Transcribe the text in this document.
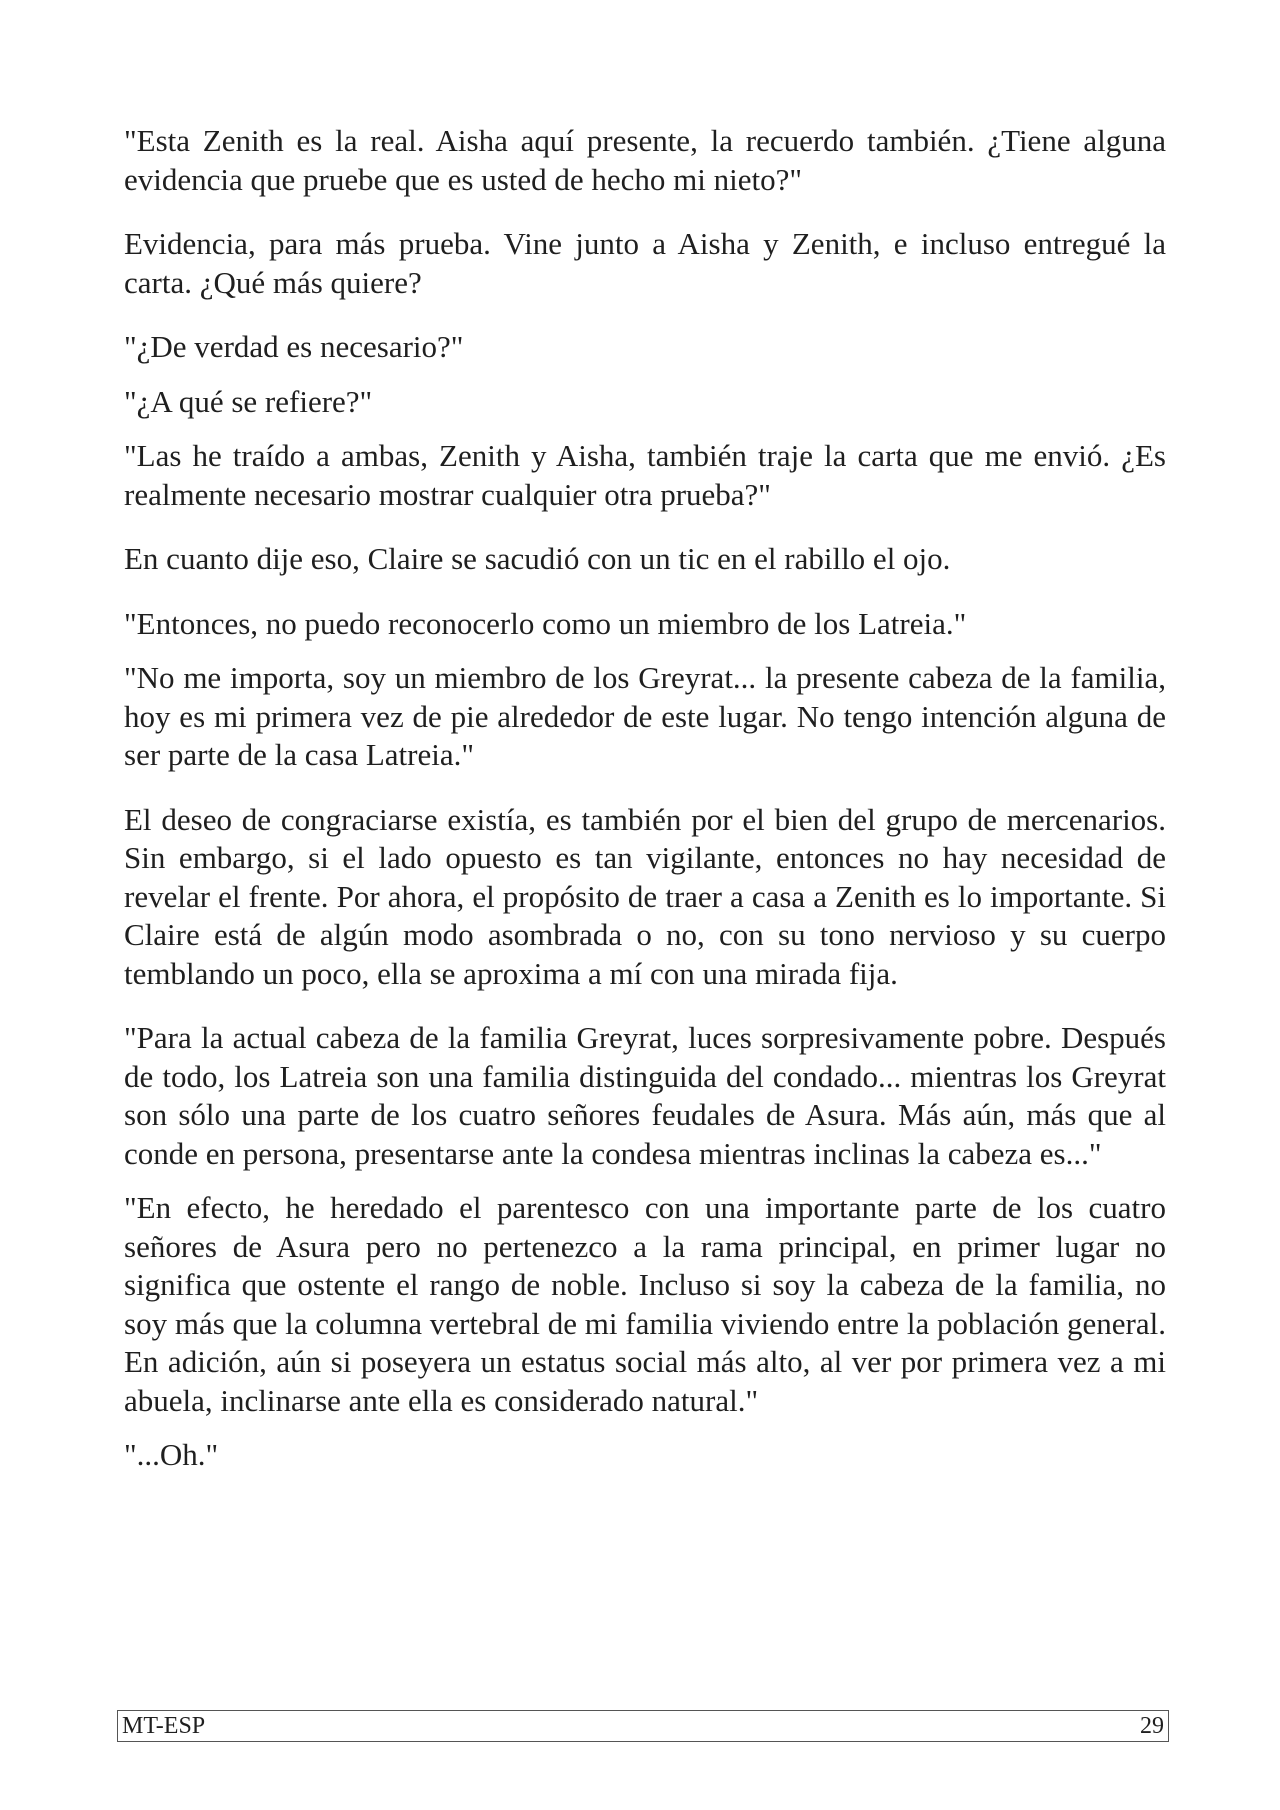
"Esta Zenith es la real. Aisha aquí presente, la recuerdo también. ¿Tiene alguna evidencia que pruebe que es usted de hecho mi nieto?"

Evidencia, para más prueba. Vine junto a Aisha y Zenith, e incluso entregué la carta. ¿Qué más quiere?

"¿De verdad es necesario?"

"¿A qué se refiere?"

"Las he traído a ambas, Zenith y Aisha, también traje la carta que me envió. ¿Es realmente necesario mostrar cualquier otra prueba?"

En cuanto dije eso, Claire se sacudió con un tic en el rabillo el ojo.

"Entonces, no puedo reconocerlo como un miembro de los Latreia."

"No me importa, soy un miembro de los Greyrat... la presente cabeza de la familia, hoy es mi primera vez de pie alrededor de este lugar. No tengo intención alguna de ser parte de la casa Latreia."

El deseo de congraciarse existía, es también por el bien del grupo de mercenarios. Sin embargo, si el lado opuesto es tan vigilante, entonces no hay necesidad de revelar el frente. Por ahora, el propósito de traer a casa a Zenith es lo importante. Si Claire está de algún modo asombrada o no, con su tono nervioso y su cuerpo temblando un poco, ella se aproxima a mí con una mirada fija.

"Para la actual cabeza de la familia Greyrat, luces sorpresivamente pobre. Después de todo, los Latreia son una familia distinguida del condado... mientras los Greyrat son sólo una parte de los cuatro señores feudales de Asura. Más aún, más que al conde en persona, presentarse ante la condesa mientras inclinas la cabeza es..."

"En efecto, he heredado el parentesco con una importante parte de los cuatro señores de Asura pero no pertenezco a la rama principal, en primer lugar no significa que ostente el rango de noble. Incluso si soy la cabeza de la familia, no soy más que la columna vertebral de mi familia viviendo entre la población general. En adición, aún si poseyera un estatus social más alto, al ver por primera vez a mi abuela, inclinarse ante ella es considerado natural."

"...Oh."

MT-ESP	29
